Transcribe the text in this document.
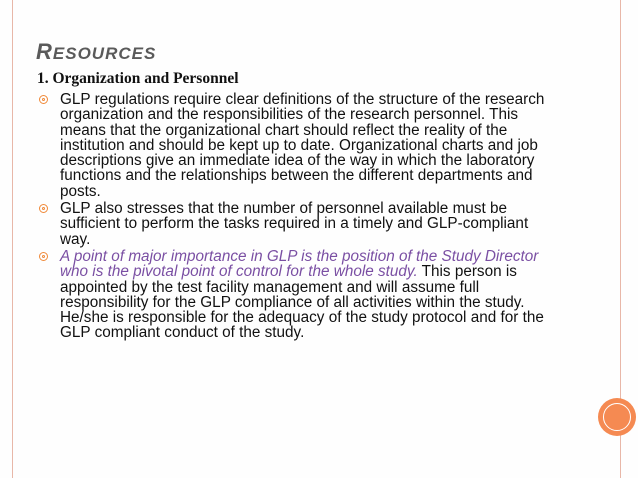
RESOURCES

1. Organization and Personnel

GLP regulations require clear definitions of the structure of the research organization and the responsibilities of the research personnel. This means that the organizational chart should reflect the reality of the institution and should be kept up to date. Organizational charts and job descriptions give an immediate idea of the way in which the laboratory functions and the relationships between the different departments and posts.
GLP also stresses that the number of personnel available must be sufficient to perform the tasks required in a timely and GLP-compliant way.
A point of major importance in GLP is the position of the Study Director who is the pivotal point of control for the whole study. This person is appointed by the test facility management and will assume full responsibility for the GLP compliance of all activities within the study. He/she is responsible for the adequacy of the study protocol and for the GLP compliant conduct of the study.
